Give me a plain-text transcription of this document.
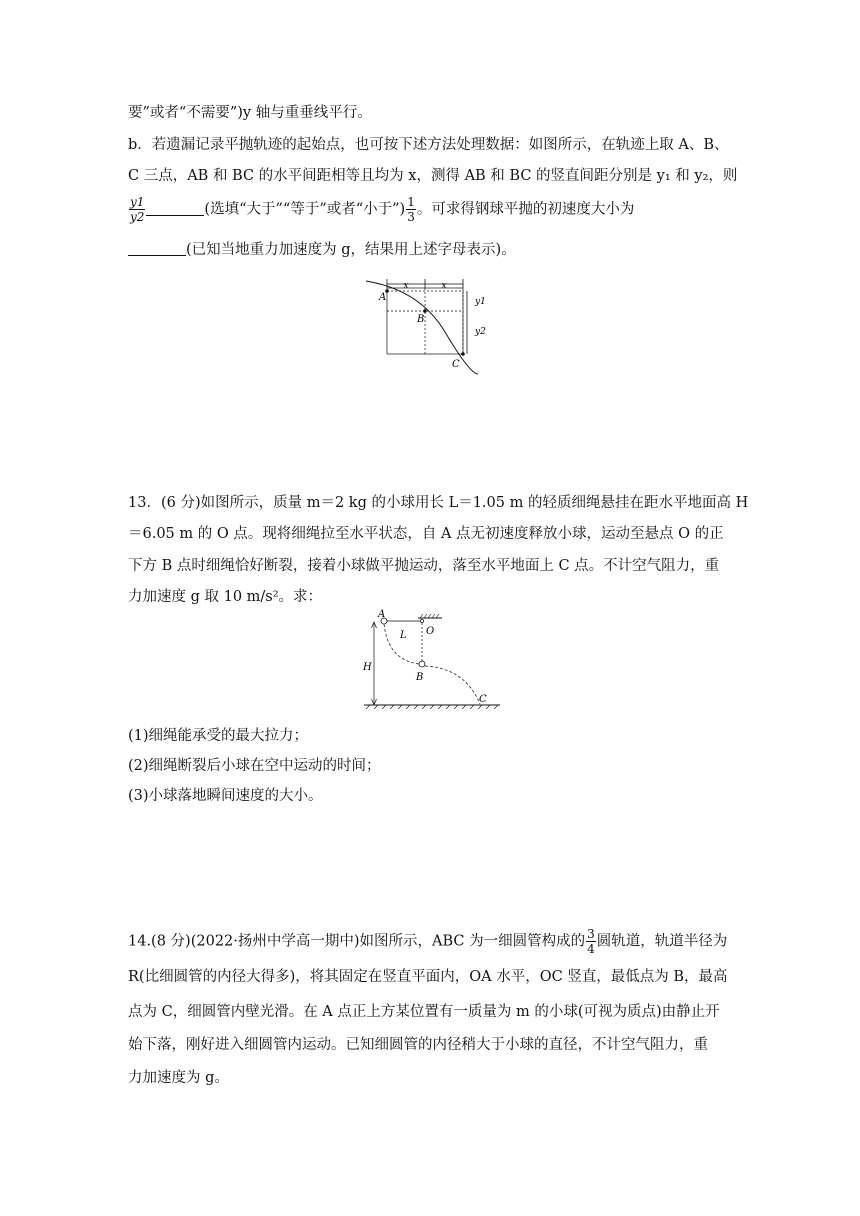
要”或者“不需要”)y 轴与重垂线平行。
b．若遗漏记录平抛轨迹的起始点，也可按下述方法处理数据：如图所示，在轨迹上取 A、B、
C 三点，AB 和 BC 的水平间距相等且均为 x，测得 AB 和 BC 的竖直间距分别是 y₁ 和 y₂，则
$\frac{y1}{y2}$	(选填“大于”“等于”或者“小于”) $\frac{1}{3}$ 。可求得钢球平抛的初速度大小为
(已知当地重力加速度为 g，结果用上述字母表示)。
x	x
y1
y2
A
B
C
13．(6 分)如图所示，质量 m＝2 kg 的小球用长 L＝1.05 m 的轻质细绳悬挂在距水平地面高 H
＝6.05 m 的 O 点。现将细绳拉至水平状态，自 A 点无初速度释放小球，运动至悬点 O 的正
下方 B 点时细绳恰好断裂，接着小球做平抛运动，落至水平地面上 C 点。不计空气阻力，重
力加速度 g 取 10 m/s²。求：
A
O
L
H
B
C
(1)细绳能承受的最大拉力；
(2)细绳断裂后小球在空中运动的时间；
(3)小球落地瞬间速度的大小。
14.(8 分)(2022·扬州中学高一期中)如图所示，ABC 为一细圆管构成的 $\frac{3}{4}$ 圆轨道，轨道半径为
R(比细圆管的内径大得多)，将其固定在竖直平面内，OA 水平，OC 竖直，最低点为 B，最高
点为 C，细圆管内壁光滑。在 A 点正上方某位置有一质量为 m 的小球(可视为质点)由静止开
始下落，刚好进入细圆管内运动。已知细圆管的内径稍大于小球的直径，不计空气阻力，重
力加速度为 g。
